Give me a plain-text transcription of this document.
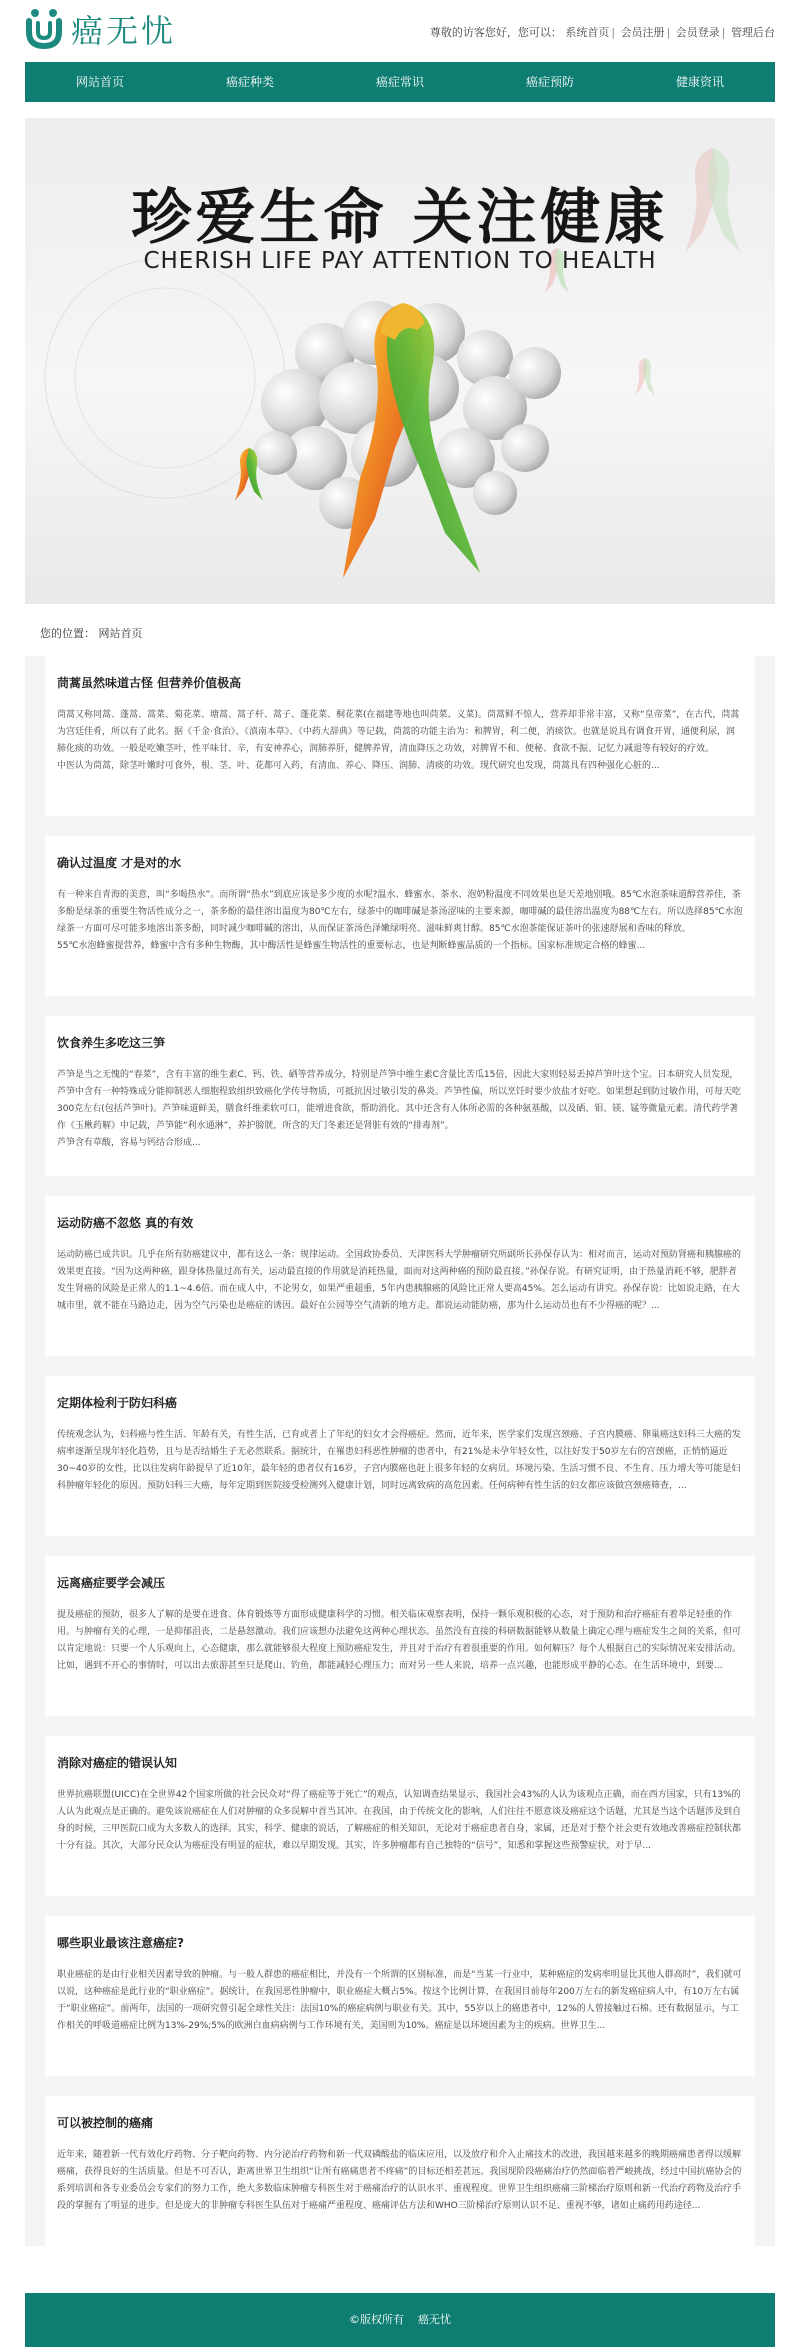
癌无忧	尊敬的访客您好，您可以： 系统首页 | 会员注册 | 会员登录 | 管理后台
网站首页	癌症种类	癌症常识	癌症预防	健康资讯
珍爱生命 关注健康
CHERISH LIFE PAY ATTENTION TO HEALTH
您的位置： 网站首页
茼蒿虽然味道古怪 但营养价值极高
茼蒿又称同蒿、蓬蒿、蒿菜、菊花菜、塘蒿、蒿子杆、蒿子、蓬花菜、桐花菜(在福建等地也叫茼菜、义菜)。茼蒿鲜不惊人，营养却非常丰富，又称“皇帝菜”，在古代，茼蒿为宫廷佳肴，所以有了此名。据《千金·食治》、《滇南本草》、《中药大辞典》等记载，茼蒿的功能主治为：和脾胃，利二便，消痰饮。也就是说具有调食开胃，通便利尿，润肺化痰的功效。一般是吃嫩茎叶，性平味甘、辛，有安神养心，润肺养肝，健脾养胃，清血降压之功效，对脾胃不和、便秘、食欲不振、记忆力减退等有较好的疗效。
中医认为茼蒿，除茎叶嫩时可食外，根、茎、叶、花都可入药，有清血、养心、降压、润肺、清痰的功效。现代研究也发现，茼蒿具有四种强化心脏的...
确认过温度 才是对的水
有一种来自青海的美意，叫“多喝热水”。而所谓“热水”到底应该是多少度的水呢?温水、蜂蜜水、茶水、泡奶粉温度不同效果也是天差地别哦。85℃水泡茶味道醇营养佳，茶多酚是绿茶的重要生物活性成分之一，茶多酚的最佳溶出温度为80℃左右，绿茶中的咖啡碱是茶汤涩味的主要来源，咖啡碱的最佳溶出温度为88℃左右。所以选择85℃水泡绿茶一方面可尽可能多地溶出茶多酚，同时减少咖啡碱的溶出，从而保证茶汤色泽嫩绿明亮、滋味鲜爽甘醇。85℃水泡茶能保证茶叶的张速舒展和香味的释放。
55℃水泡蜂蜜提营养，蜂蜜中含有多种生物酶，其中酶活性是蜂蜜生物活性的重要标志，也是判断蜂蜜品质的一个指标。国家标准规定合格的蜂蜜...
饮食养生多吃这三笋
芦笋是当之无愧的“春菜”，含有丰富的维生素C、钙、铁、硒等营养成分，特别是芦笋中维生素C含量比苦瓜15倍，因此大家则轻易丢掉芦笋叶这个宝。日本研究人员发现，芦笋中含有一种特殊成分能抑制恶人细胞程致组织致癌化学传导物质，可抵抗因过敏引发的鼻炎。芦笋性偏，所以烹饪时要少放盐才好吃。如果想起到防过敏作用，可每天吃300克左右(包括芦笋叶)。芦笋味道鲜美，膳食纤维柔软可口，能增进食欲，帮助消化。其中还含有人体所必需的各种氨基酸，以及硒、钼、镁、锰等微量元素。清代药学著作《玉楸药解》中记载，芦笋能“利水通淋”，养护膀胱，所含的天门冬素还是肾脏有效的“排毒剂”。
芦笋含有草酸，容易与钙结合形成...
运动防癌不忽悠 真的有效
运动防癌已成共识。几乎在所有防癌建议中，都有这么一条：规律运动。全国政协委员、天津医科大学肿瘤研究所副所长孙保存认为：相对而言，运动对预防肾癌和胰腺癌的效果更直接。“因为这两种癌，跟身体热量过高有关，运动最直接的作用就是消耗热量，面而对这两种癌的预防最直接。”孙保存说。有研究证明，由于热量消耗不够，肥胖者发生肾癌的风险是正常人的1.1~4.6倍。而在成人中，不论男女，如果严重超重，5年内患胰腺癌的风险比正常人要高45%。怎么运动有讲究。孙保存说：比如说走路，在大城市里，就不能在马路边走，因为空气污染也是癌症的诱因。最好在公园等空气清新的地方走。都说运动能防癌，那为什么运动员也有不少得癌的呢？...
定期体检利于防妇科癌
传统观念认为，妇科癌与性生活、年龄有关，有性生活，已育或者上了年纪的妇女才会得癌症。然而，近年来，医学家们发现宫颈癌、子宫内膜癌、卵巢癌这妇科三大癌的发病率逐渐呈现年轻化趋势，且与是否结婚生子无必然联系。据统计，在罹患妇科恶性肿瘤的患者中，有21%是未孕年轻女性，以往好发于50岁左右的宫颈癌，正悄悄逼近30~40岁的女性，比以往发病年龄提早了近10年，最年轻的患者仅有16岁，子宫内膜癌也赶上很多年轻的女病员。环境污染、生活习惯不良、不生育、压力增大等可能是妇科肿瘤年轻化的原因。预防妇科三大癌，每年定期到医院接受检测列入健康计划，同时远离致病的高危因素。任何病种有性生活的妇女都应该做宫颈癌筛查，...
远离癌症要学会减压
提及癌症的预防，很多人了解的是要在进食、体育锻炼等方面形成健康科学的习惯。相关临床观察表明，保持一颗乐观积极的心态，对于预防和治疗癌症有着举足轻重的作用。与肿瘤有关的心理，一是抑郁沮丧，二是悬怒激动。我们应该想办法避免这两种心理状态。虽然没有直接的科研数据能够从数量上确定心理与癌症发生之间的关系，但可以肯定地说：只要一个人乐观向上，心态健康，那么就能够很大程度上预防癌症发生，并且对于治疗有着很重要的作用。如何解压？每个人根据自己的实际情况来安排活动。比如，遇到不开心的事情时，可以出去旅游甚至只是爬山、钓鱼，都能减轻心理压力；而对另一些人来说，培养一点兴趣，也能形成平静的心态。在生活环境中，到要...
消除对癌症的错误认知
世界抗癌联盟(UICC)在全世界42个国家所做的社会民众对“得了癌症等于死亡”的观点，认知调查结果显示，我国社会43%的人认为该观点正确，而在西方国家，只有13%的人认为此观点是正确的。避免该说癌症在人们对肿瘤的众多误解中首当其冲。在我国，由于传统文化的影响，人们往往不愿意谈及癌症这个话题，尤其是当这个话题涉及到自身的时候，三甲医院口成为大多数人的选择。其实，科学、健康的说话，了解癌症的相关知识，无论对于癌症患者自身，家属，还是对于整个社会更有效地改善癌症控制状都十分有益。其次，大部分民众认为癌症没有明显的症状，难以早期发现。其实，许多肿瘤都有自己独特的“信号”，知悉和掌握这些预警症状，对于早...
哪些职业最该注意癌症?
职业癌症的是由行业相关因素导致的肿瘤。与一般人群患的癌症相比，并没有一个所谓的区别标准，而是“当某一行业中，某种癌症的发病率明显比其他人群高时”，我们就可以说，这种癌症是此行业的“职业癌症”。据统计，在我国恶性肿瘤中，职业癌症大概占5%。按这个比例计算，在我国目前每年200万左右的新发癌症病人中，有10万左右属于“职业癌症”。前两年，法国的一项研究曾引起全球性关注：法国10%的癌症病例与职业有关。其中，55岁以上的癌患者中，12%的人曾接触过石棉。还有数据显示，与工作相关的呼吸道癌症比例为13%-29%;5%的欧洲白血病病例与工作环境有关，美国则为10%。癌症是以环境因素为主的疾病。世界卫生...
可以被控制的癌痛
近年来，随着新一代有效化疗药物、分子靶向药物、内分泌治疗药物和新一代双磷酸盐的临床应用，以及放疗和介入止痛技术的改进，我国越来越多的晚期癌痛患者得以缓解癌痛，获得良好的生活质量。但是不可否认，距离世界卫生组织“让所有癌痛患者不疼痛”的目标还相差甚远。我国现阶段癌痛治疗仍然面临着严峻挑战，经过中国抗癌协会的系列培训和各专业委员会专家们的努力工作，绝大多数临床肿瘤专科医生对于癌痛治疗的认识水平、重视程度。世界卫生组织癌痛三阶梯治疗原则和新一代治疗药物及治疗手段的掌握有了明显的进步。但是庞大的非肿瘤专科医生队伍对于癌痛严重程度、癌痛评估方法和WHO三阶梯治疗原则认识不足、重视不够，诸如止痛药用药途径...
©版权所有 癌无忧
